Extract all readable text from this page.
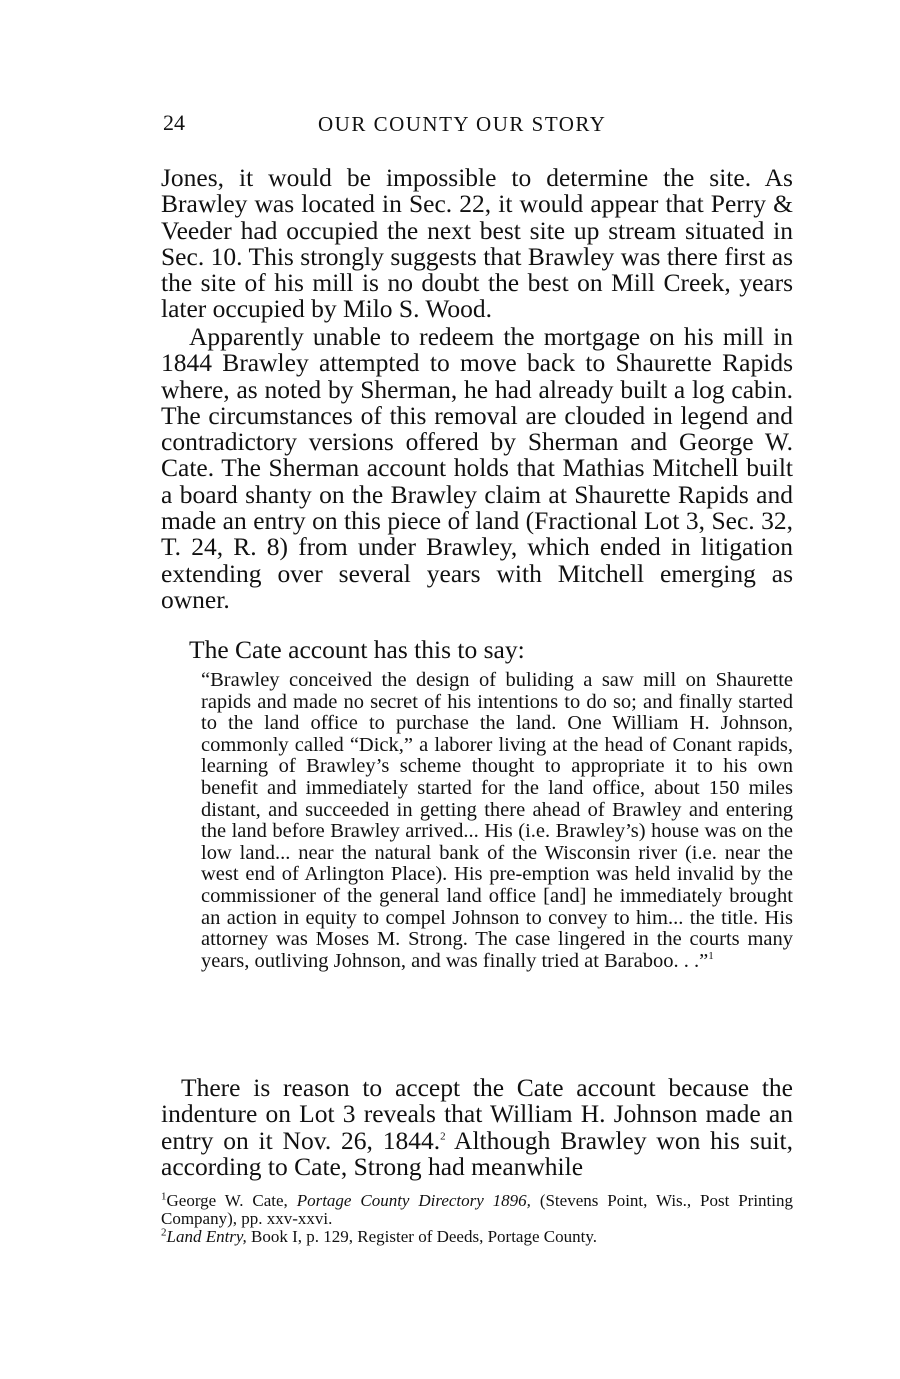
24	OUR COUNTY OUR STORY

Jones, it would be impossible to determine the site. As Brawley was located in Sec. 22, it would appear that Perry & Veeder had occupied the next best site up stream situated in Sec. 10. This strongly suggests that Brawley was there first as the site of his mill is no doubt the best on Mill Creek, years later occupied by Milo S. Wood.

Apparently unable to redeem the mortgage on his mill in 1844 Brawley attempted to move back to Shaurette Rapids where, as noted by Sherman, he had already built a log cabin. The circumstances of this removal are clouded in legend and contradictory versions offered by Sherman and George W. Cate. The Sherman account holds that Mathias Mitchell built a board shanty on the Brawley claim at Shaurette Rapids and made an entry on this piece of land (Fractional Lot 3, Sec. 32, T. 24, R. 8) from under Brawley, which ended in litigation extending over several years with Mitchell emerging as owner.

The Cate account has this to say:

“Brawley conceived the design of buliding a saw mill on Shaurette rapids and made no secret of his intentions to do so; and finally started to the land office to purchase the land. One William H. Johnson, commonly called “Dick,” a laborer living at the head of Conant rapids, learning of Brawley’s scheme thought to appropriate it to his own benefit and immediately started for the land office, about 150 miles distant, and succeeded in getting there ahead of Brawley and entering the land before Brawley arrived... His (i.e. Brawley’s) house was on the low land... near the natural bank of the Wisconsin river (i.e. near the west end of Arlington Place). His pre-emption was held invalid by the commissioner of the general land office [and] he immediately brought an action in equity to compel Johnson to convey to him... the title. His attorney was Moses M. Strong. The case lingered in the courts many years, outliving Johnson, and was finally tried at Baraboo. . .”$^1$

There is reason to accept the Cate account because the indenture on Lot 3 reveals that William H. Johnson made an entry on it Nov. 26, 1844.$^2$ Although Brawley won his suit, according to Cate, Strong had meanwhile

$^1$George W. Cate, Portage County Directory 1896, (Stevens Point, Wis., Post Printing Company), pp. xxv-xxvi.

$^2$Land Entry, Book I, p. 129, Register of Deeds, Portage County.
